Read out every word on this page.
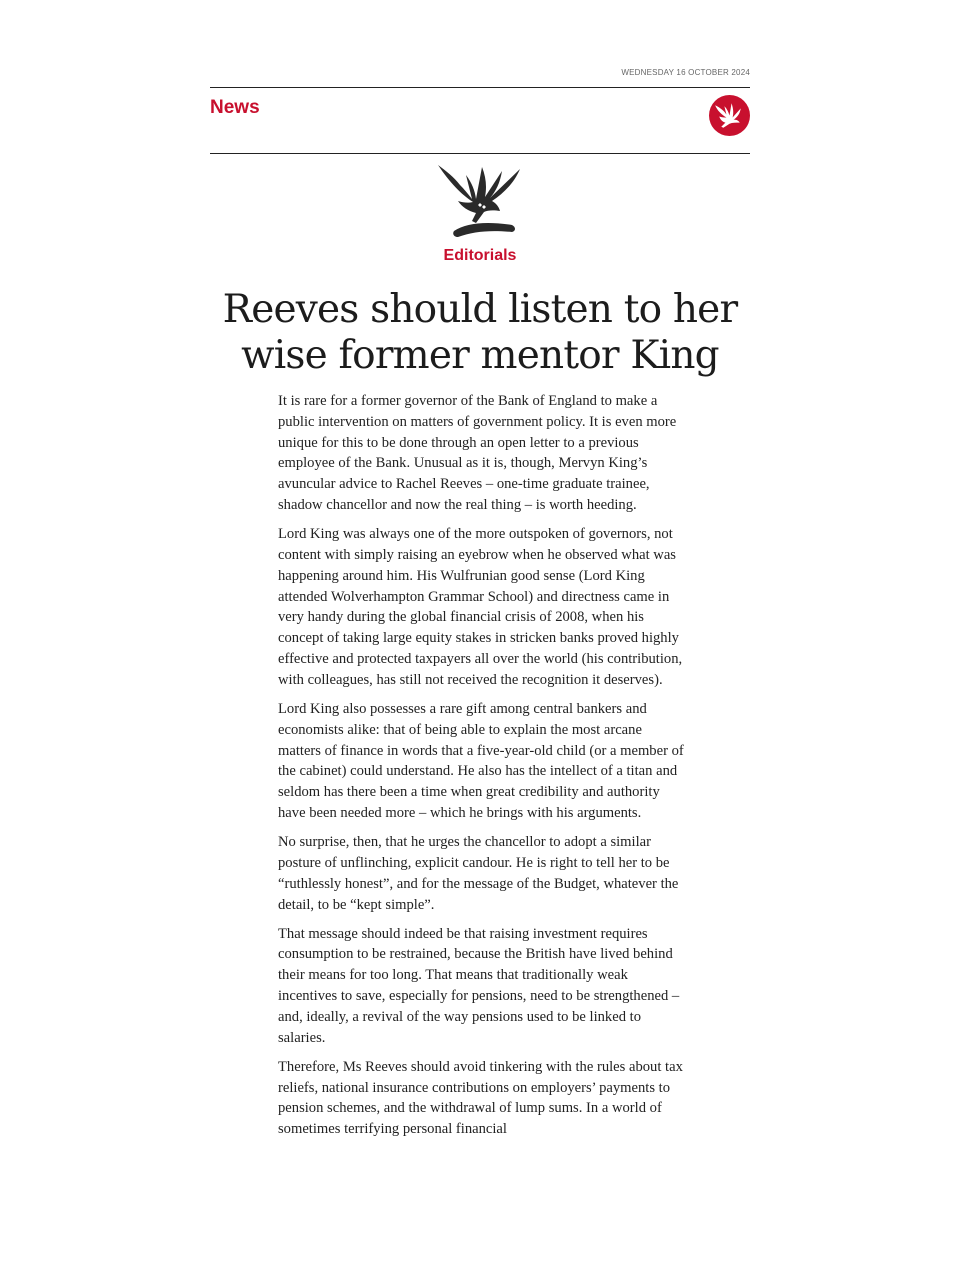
WEDNESDAY 16 OCTOBER 2024
News
Editorials
Reeves should listen to her wise former mentor King

It is rare for a former governor of the Bank of England to make a public intervention on matters of government policy. It is even more unique for this to be done through an open letter to a previous employee of the Bank. Unusual as it is, though, Mervyn King’s avuncular advice to Rachel Reeves – one-time graduate trainee, shadow chancellor and now the real thing – is worth heeding.

Lord King was always one of the more outspoken of governors, not content with simply raising an eyebrow when he observed what was happening around him. His Wulfrunian good sense (Lord King attended Wolverhampton Grammar School) and directness came in very handy during the global financial crisis of 2008, when his concept of taking large equity stakes in stricken banks proved highly effective and protected taxpayers all over the world (his contribution, with colleagues, has still not received the recognition it deserves).

Lord King also possesses a rare gift among central bankers and economists alike: that of being able to explain the most arcane matters of finance in words that a five-year-old child (or a member of the cabinet) could understand. He also has the intellect of a titan and seldom has there been a time when great credibility and authority have been needed more – which he brings with his arguments.

No surprise, then, that he urges the chancellor to adopt a similar posture of unflinching, explicit candour. He is right to tell her to be “ruthlessly honest”, and for the message of the Budget, whatever the detail, to be “kept simple”.

That message should indeed be that raising investment requires consumption to be restrained, because the British have lived behind their means for too long. That means that traditionally weak incentives to save, especially for pensions, need to be strengthened – and, ideally, a revival of the way pensions used to be linked to salaries.

Therefore, Ms Reeves should avoid tinkering with the rules about tax reliefs, national insurance contributions on employers’ payments to pension schemes, and the withdrawal of lump sums. In a world of sometimes terrifying personal financial
